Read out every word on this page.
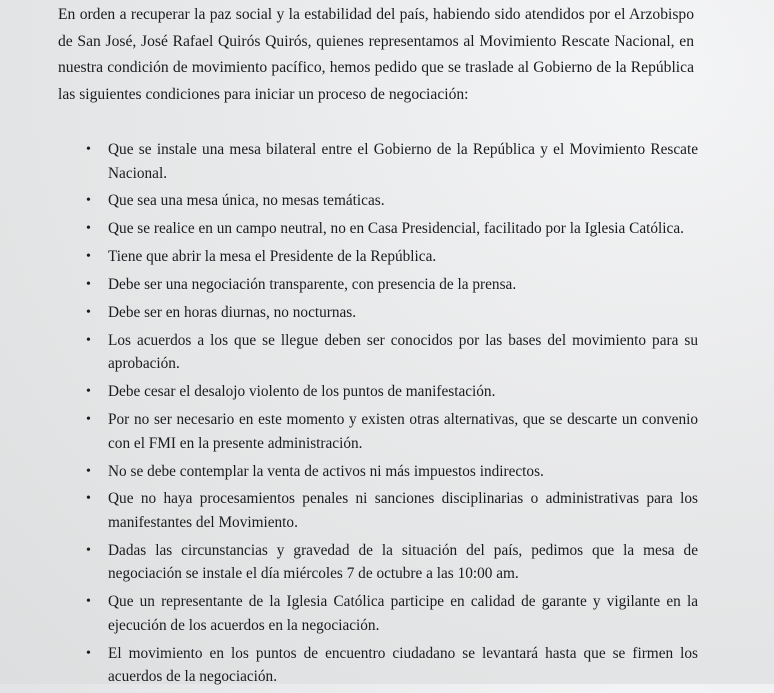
En orden a recuperar la paz social y la estabilidad del país, habiendo sido atendidos por el Arzobispo de San José, José Rafael Quirós Quirós, quienes representamos al Movimiento Rescate Nacional, en nuestra condición de movimiento pacífico, hemos pedido que se traslade al Gobierno de la República las siguientes condiciones para iniciar un proceso de negociación:

• Que se instale una mesa bilateral entre el Gobierno de la República y el Movimiento Rescate Nacional.
• Que sea una mesa única, no mesas temáticas.
• Que se realice en un campo neutral, no en Casa Presidencial, facilitado por la Iglesia Católica.
• Tiene que abrir la mesa el Presidente de la República.
• Debe ser una negociación transparente, con presencia de la prensa.
• Debe ser en horas diurnas, no nocturnas.
• Los acuerdos a los que se llegue deben ser conocidos por las bases del movimiento para su aprobación.
• Debe cesar el desalojo violento de los puntos de manifestación.
• Por no ser necesario en este momento y existen otras alternativas, que se descarte un convenio con el FMI en la presente administración.
• No se debe contemplar la venta de activos ni más impuestos indirectos.
• Que no haya procesamientos penales ni sanciones disciplinarias o administrativas para los manifestantes del Movimiento.
• Dadas las circunstancias y gravedad de la situación del país, pedimos que la mesa de negociación se instale el día miércoles 7 de octubre a las 10:00 am.
• Que un representante de la Iglesia Católica participe en calidad de garante y vigilante en la ejecución de los acuerdos en la negociación.
• El movimiento en los puntos de encuentro ciudadano se levantará hasta que se firmen los acuerdos de la negociación.
